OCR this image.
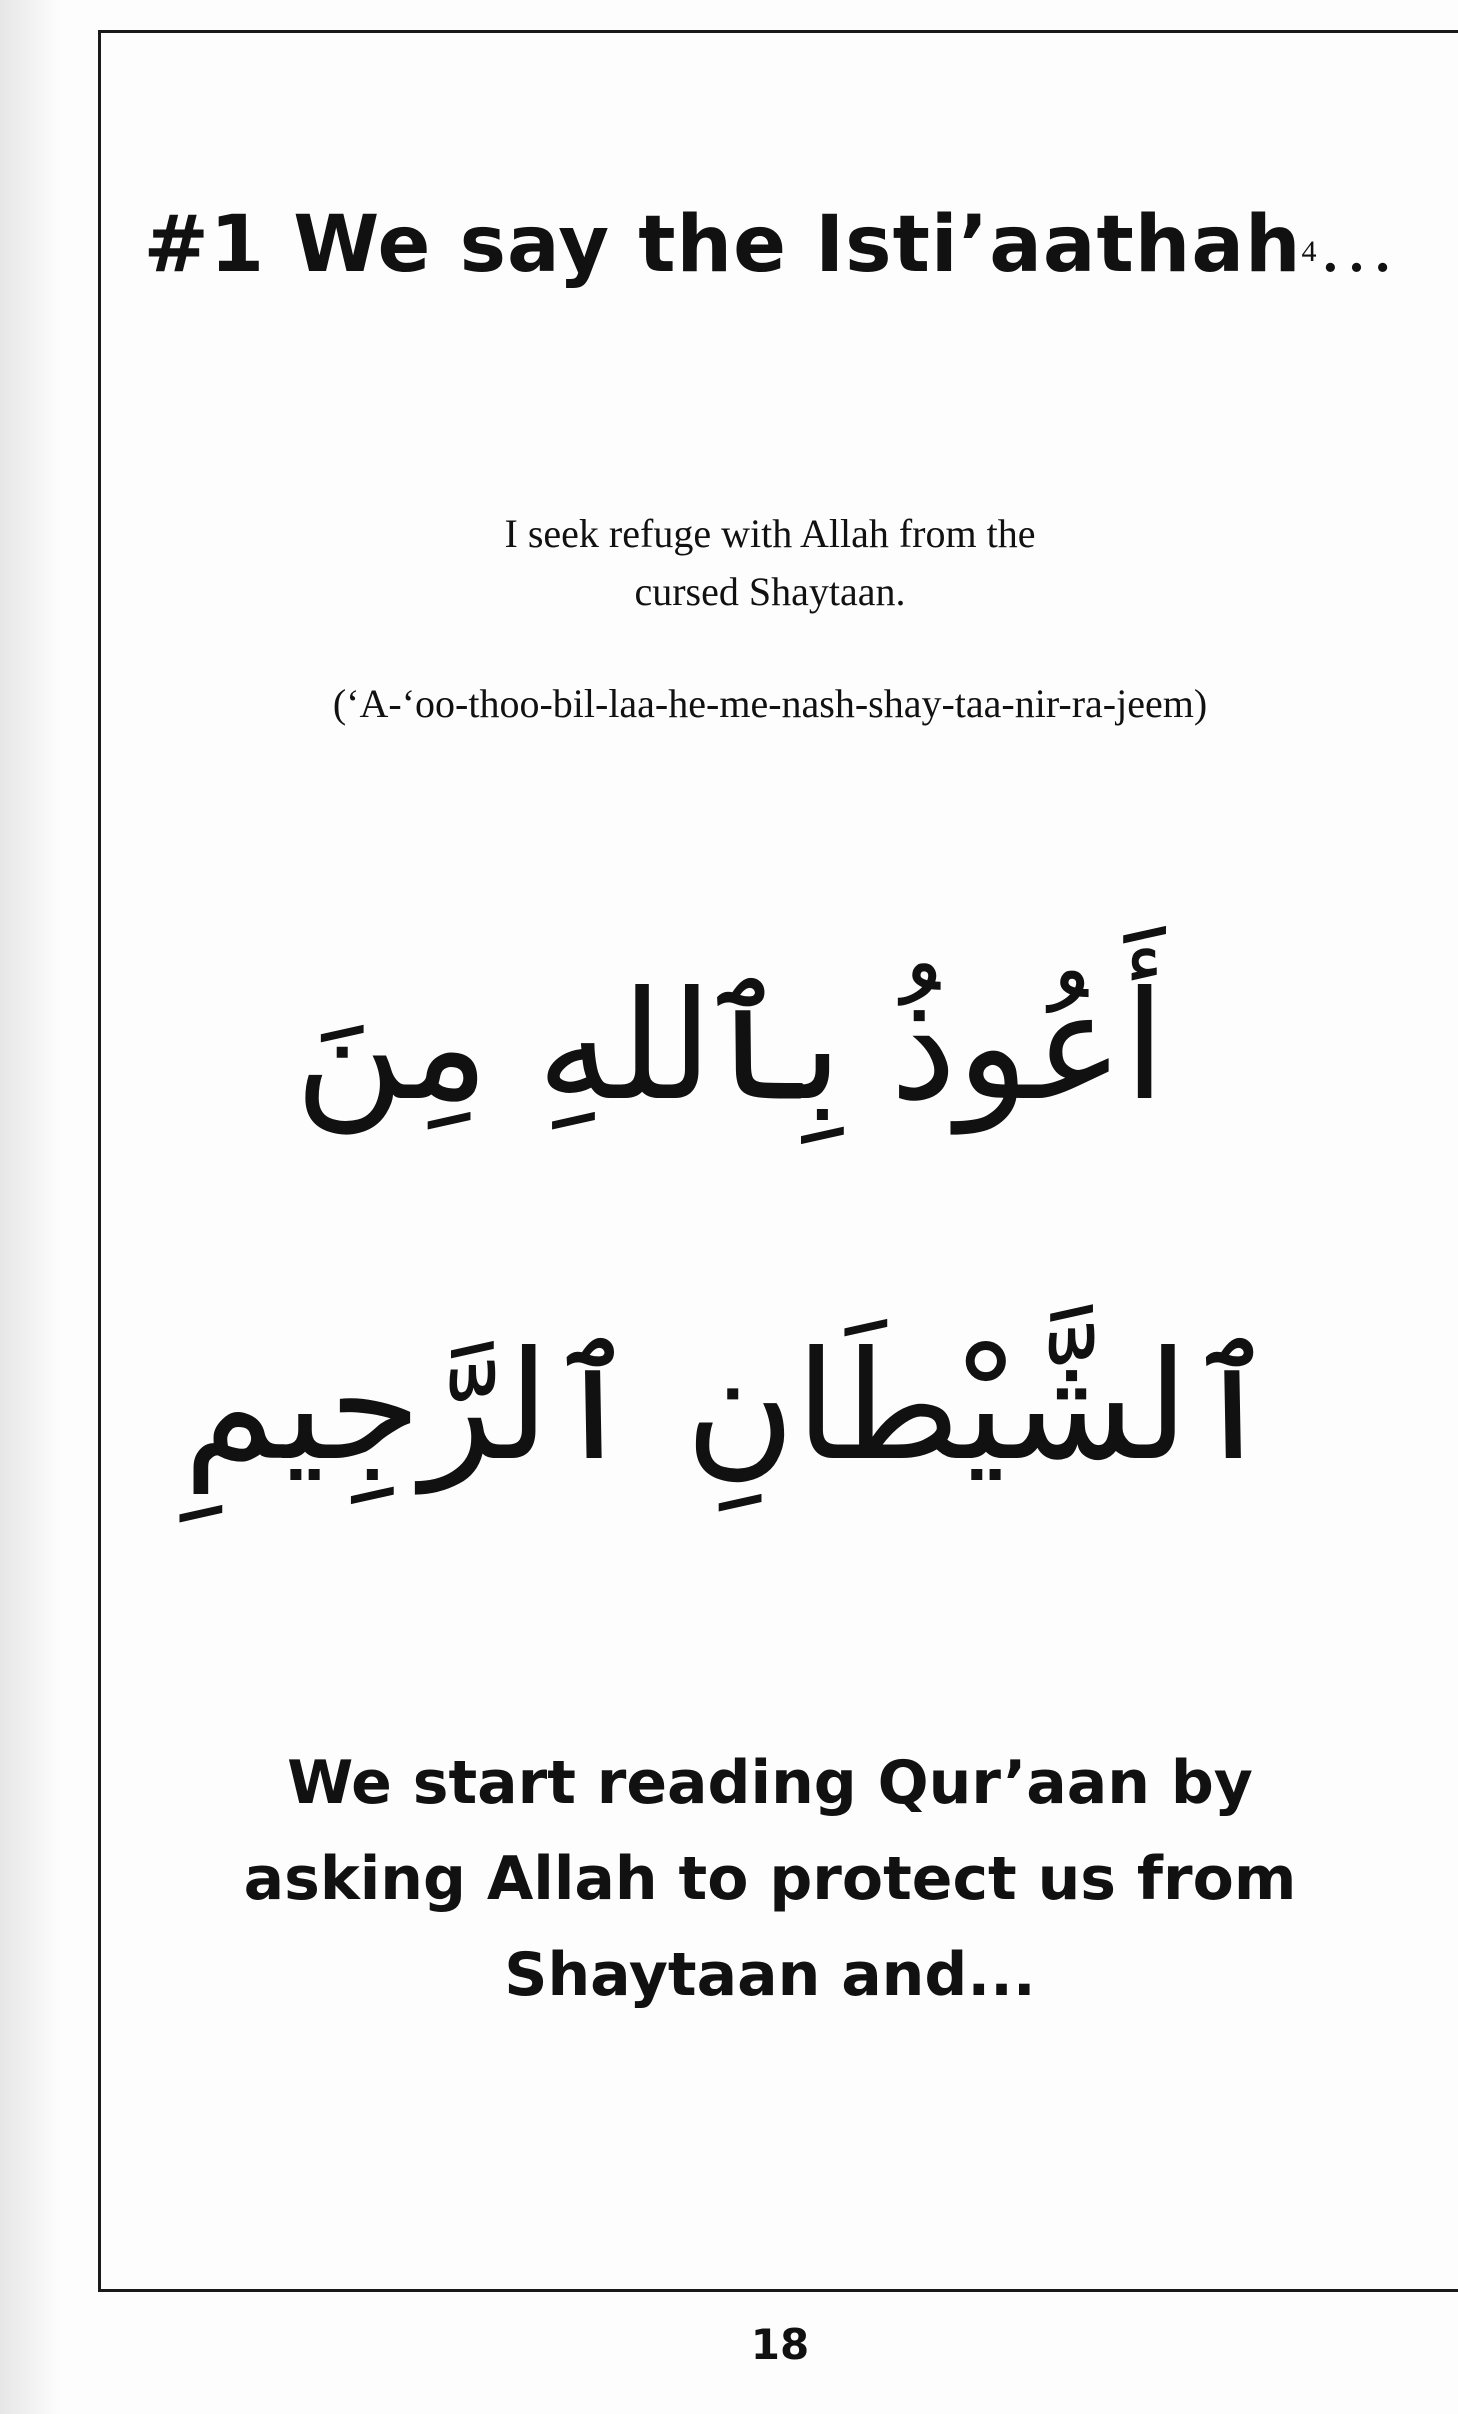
#1 We say the Isti’aathah$^4$…
I seek refuge with Allah from the
cursed Shaytaan.
(‘A-‘oo-thoo-bil-laa-he-me-nash-shay-taa-nir-ra-jeem)
أَعُوذُ بِٱللهِ مِنَ
ٱلشَّيْطَانِ ٱلرَّجِيمِ
We start reading Qur’aan by
asking Allah to protect us from
Shaytaan and...
18
